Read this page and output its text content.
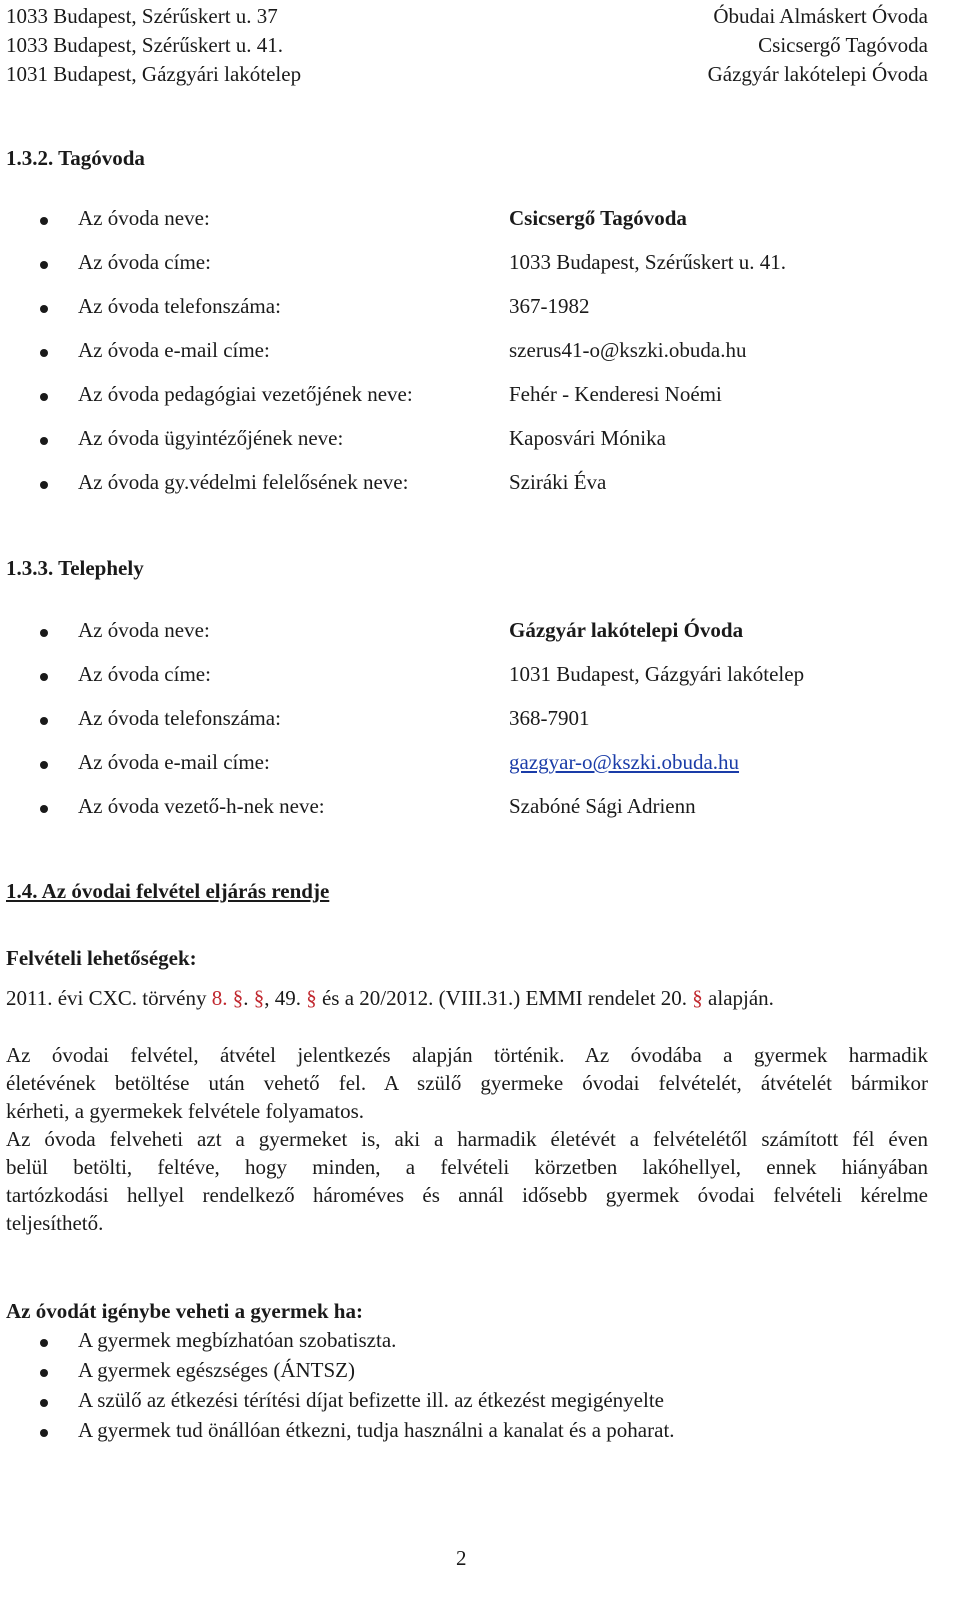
1033 Budapest, Szérűskert u. 37	Óbudai Almáskert Óvoda
1033 Budapest, Szérűskert u. 41.	Csicsergő Tagóvoda
1031 Budapest, Gázgyári lakótelep	Gázgyár lakótelepi Óvoda
1.3.2. Tagóvoda
Az óvoda neve:	Csicsergő Tagóvoda
Az óvoda címe:	1033 Budapest, Szérűskert u. 41.
Az óvoda telefonszáma:	367-1982
Az óvoda e-mail címe:	szerus41-o@kszki.obuda.hu
Az óvoda pedagógiai vezetőjének neve:	Fehér - Kenderesi Noémi
Az óvoda ügyintézőjének neve:	Kaposvári Mónika
Az óvoda gy.védelmi felelősének neve:	Sziráki Éva
1.3.3. Telephely
Az óvoda neve:	Gázgyár lakótelepi Óvoda
Az óvoda címe:	1031 Budapest, Gázgyári lakótelep
Az óvoda telefonszáma:	368-7901
Az óvoda e-mail címe:	gazgyar-o@kszki.obuda.hu
Az óvoda vezető-h-nek neve:	Szabóné Sági Adrienn
1.4. Az óvodai felvétel eljárás rendje
Felvételi lehetőségek:
2011. évi CXC. törvény 8. §. §, 49. § és a 20/2012. (VIII.31.) EMMI rendelet 20. § alapján.
Az óvodai felvétel, átvétel jelentkezés alapján történik. Az óvodába a gyermek harmadik
életévének betöltése után vehető fel. A szülő gyermeke óvodai felvételét, átvételét bármikor
kérheti, a gyermekek felvétele folyamatos.
Az óvoda felveheti azt a gyermeket is, aki a harmadik életévét a felvételétől számított fél éven
belül betölti, feltéve, hogy minden, a felvételi körzetben lakóhellyel, ennek hiányában
tartózkodási hellyel rendelkező hároméves és annál idősebb gyermek óvodai felvételi kérelme
teljesíthető.
Az óvodát igénybe veheti a gyermek ha:
A gyermek megbízhatóan szobatiszta.
A gyermek egészséges (ÁNTSZ)
A szülő az étkezési térítési díjat befizette ill. az étkezést megigényelte
A gyermek tud önállóan étkezni, tudja használni a kanalat és a poharat.
2
